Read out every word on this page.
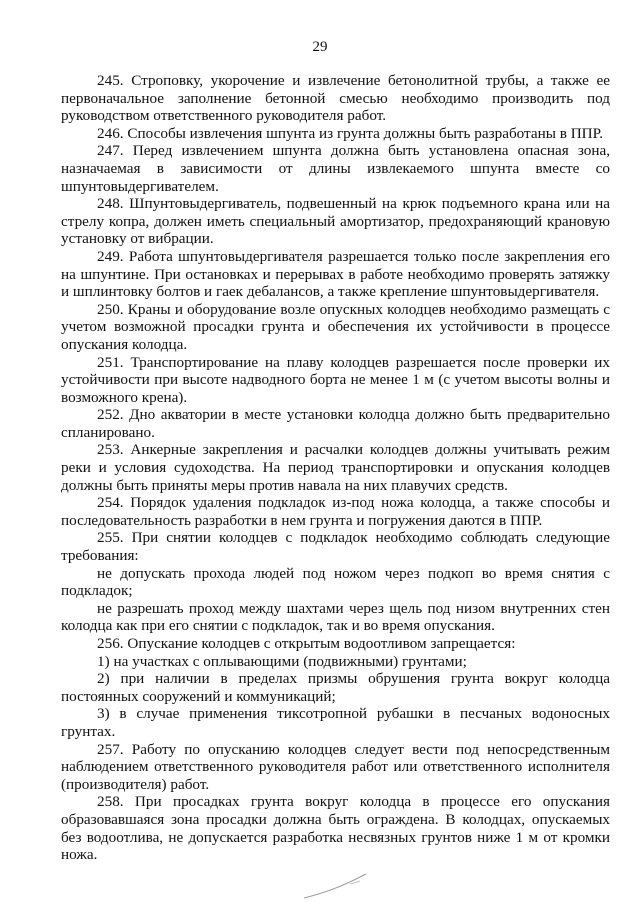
29

245. Строповку, укорочение и извлечение бетонолитной трубы, а также ее первоначальное заполнение бетонной смесью необходимо производить под руководством ответственного руководителя работ.

246. Способы извлечения шпунта из грунта должны быть разработаны в ППР.

247. Перед извлечением шпунта должна быть установлена опасная зона, назначаемая в зависимости от длины извлекаемого шпунта вместе со шпунтовыдергивателем.

248. Шпунтовыдергиватель, подвешенный на крюк подъемного крана или на стрелу копра, должен иметь специальный амортизатор, предохраняющий крановую установку от вибрации.

249. Работа шпунтовыдергивателя разрешается только после закрепления его на шпунтине. При остановках и перерывах в работе необходимо проверять затяжку и шплинтовку болтов и гаек дебалансов, а также крепление шпунтовыдергивателя.

250. Краны и оборудование возле опускных колодцев необходимо размещать с учетом возможной просадки грунта и обеспечения их устойчивости в процессе опускания колодца.

251. Транспортирование на плаву колодцев разрешается после проверки их устойчивости при высоте надводного борта не менее 1 м (с учетом высоты волны и возможного крена).

252. Дно акватории в месте установки колодца должно быть предварительно спланировано.

253. Анкерные закрепления и расчалки колодцев должны учитывать режим реки и условия судоходства. На период транспортировки и опускания колодцев должны быть приняты меры против навала на них плавучих средств.

254. Порядок удаления подкладок из-под ножа колодца, а также способы и последовательность разработки в нем грунта и погружения даются в ППР.

255. При снятии колодцев с подкладок необходимо соблюдать следующие требования:

не допускать прохода людей под ножом через подкоп во время снятия с подкладок;

не разрешать проход между шахтами через щель под низом внутренних стен колодца как при его снятии с подкладок, так и во время опускания.

256. Опускание колодцев с открытым водоотливом запрещается:

1) на участках с оплывающими (подвижными) грунтами;

2) при наличии в пределах призмы обрушения грунта вокруг колодца постоянных сооружений и коммуникаций;

3) в случае применения тиксотропной рубашки в песчаных водоносных грунтах.

257. Работу по опусканию колодцев следует вести под непосредственным наблюдением ответственного руководителя работ или ответственного исполнителя (производителя) работ.

258. При просадках грунта вокруг колодца в процессе его опускания образовавшаяся зона просадки должна быть ограждена. В колодцах, опускаемых без водоотлива, не допускается разработка несвязных грунтов ниже 1 м от кромки ножа.
